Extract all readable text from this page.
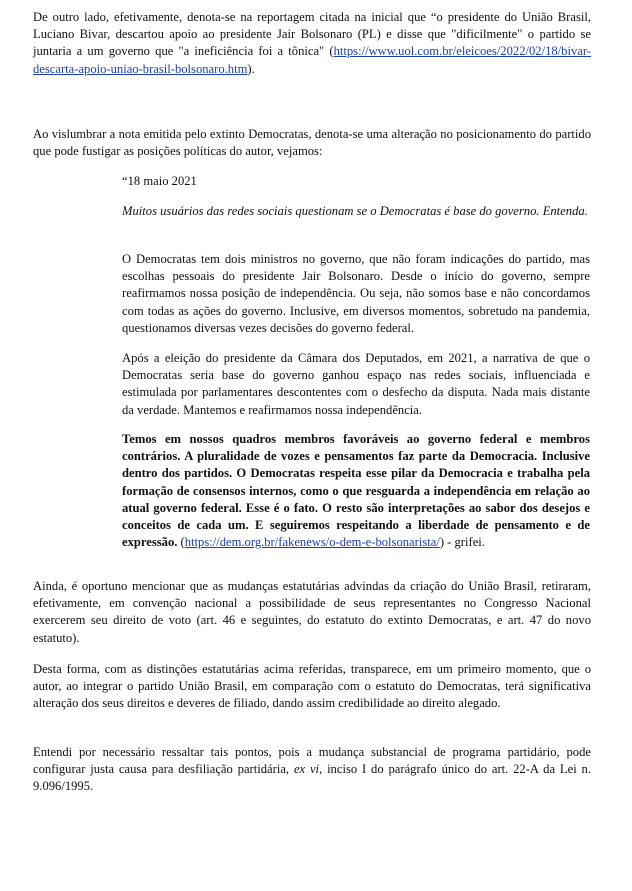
De outro lado, efetivamente, denota-se na reportagem citada na inicial que “o presidente do União Brasil, Luciano Bivar, descartou apoio ao presidente Jair Bolsonaro (PL) e disse que "dificilmente" o partido se juntaria a um governo que "a ineficiência foi a tônica" (https://www.uol.com.br/eleicoes/2022/02/18/bivar-descarta-apoio-uniao-brasil-bolsonaro.htm).

Ao vislumbrar a nota emitida pelo extinto Democratas, denota-se uma alteração no posicionamento do partido que pode fustigar as posições políticas do autor, vejamos:

“18 maio 2021

Muitos usuários das redes sociais questionam se o Democratas é base do governo. Entenda.

O Democratas tem dois ministros no governo, que não foram indicações do partido, mas escolhas pessoais do presidente Jair Bolsonaro. Desde o início do governo, sempre reafirmamos nossa posição de independência. Ou seja, não somos base e não concordamos com todas as ações do governo. Inclusive, em diversos momentos, sobretudo na pandemia, questionamos diversas vezes decisões do governo federal.

Após a eleição do presidente da Câmara dos Deputados, em 2021, a narrativa de que o Democratas seria base do governo ganhou espaço nas redes sociais, influenciada e estimulada por parlamentares descontentes com o desfecho da disputa. Nada mais distante da verdade. Mantemos e reafirmamos nossa independência.

Temos em nossos quadros membros favoráveis ao governo federal e membros contrários. A pluralidade de vozes e pensamentos faz parte da Democracia. Inclusive dentro dos partidos. O Democratas respeita esse pilar da Democracia e trabalha pela formação de consensos internos, como o que resguarda a independência em relação ao atual governo federal. Esse é o fato. O resto são interpretações ao sabor dos desejos e conceitos de cada um. E seguiremos respeitando a liberdade de pensamento e de expressão. (https://dem.org.br/fakenews/o-dem-e-bolsonarista/) - grifei.

Ainda, é oportuno mencionar que as mudanças estatutárias advindas da criação do União Brasil, retiraram, efetivamente, em convenção nacional a possibilidade de seus representantes no Congresso Nacional exercerem seu direito de voto (art. 46 e seguintes, do estatuto do extinto Democratas, e art. 47 do novo estatuto).

Desta forma, com as distinções estatutárias acima referidas, transparece, em um primeiro momento, que o autor, ao integrar o partido União Brasil, em comparação com o estatuto do Democratas, terá significativa alteração dos seus direitos e deveres de filiado, dando assim credibilidade ao direito alegado.

Entendi por necessário ressaltar tais pontos, pois a mudança substancial de programa partidário, pode configurar justa causa para desfiliação partidária, ex vi, inciso I do parágrafo único do art. 22-A da Lei n. 9.096/1995.
